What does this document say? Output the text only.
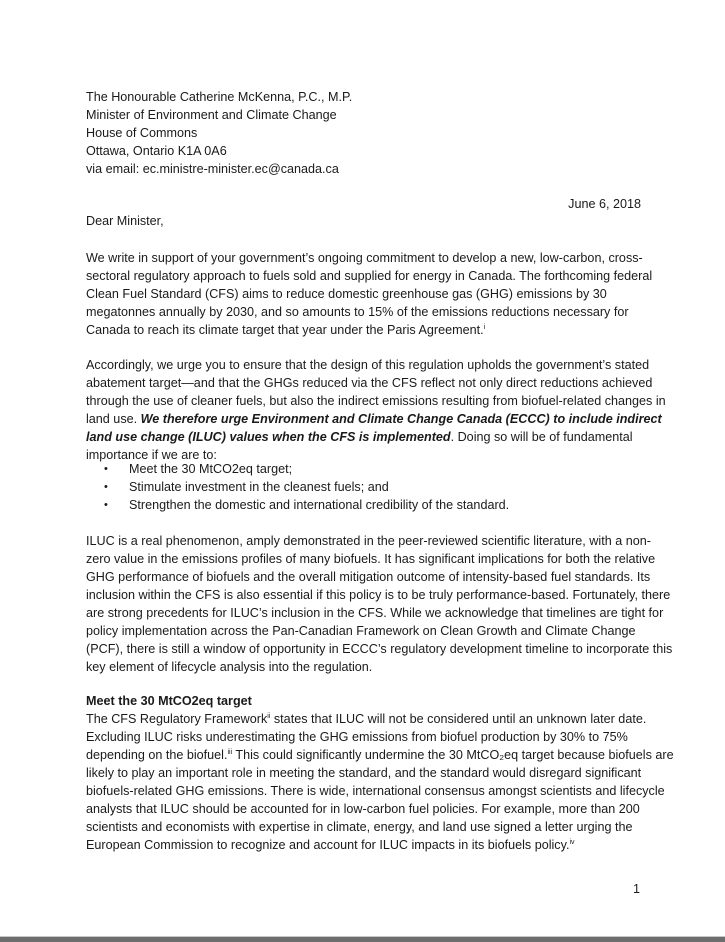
The Honourable Catherine McKenna, P.C., M.P.
Minister of Environment and Climate Change
House of Commons
Ottawa, Ontario K1A 0A6
via email: ec.ministre-minister.ec@canada.ca
June 6, 2018
Dear Minister,
We write in support of your government’s ongoing commitment to develop a new, low-carbon, cross-
sectoral regulatory approach to fuels sold and supplied for energy in Canada. The forthcoming federal
Clean Fuel Standard (CFS) aims to reduce domestic greenhouse gas (GHG) emissions by 30
megatonnes annually by 2030, and so amounts to 15% of the emissions reductions necessary for
Canada to reach its climate target that year under the Paris Agreement.$^i$
Accordingly, we urge you to ensure that the design of this regulation upholds the government’s stated
abatement target—and that the GHGs reduced via the CFS reflect not only direct reductions achieved
through the use of cleaner fuels, but also the indirect emissions resulting from biofuel-related changes in
land use. We therefore urge Environment and Climate Change Canada (ECCC) to include indirect
land use change (ILUC) values when the CFS is implemented. Doing so will be of fundamental
importance if we are to:
•	Meet the 30 MtCO2eq target;
•	Stimulate investment in the cleanest fuels; and
•	Strengthen the domestic and international credibility of the standard.
ILUC is a real phenomenon, amply demonstrated in the peer-reviewed scientific literature, with a non-
zero value in the emissions profiles of many biofuels. It has significant implications for both the relative
GHG performance of biofuels and the overall mitigation outcome of intensity-based fuel standards. Its
inclusion within the CFS is also essential if this policy is to be truly performance-based. Fortunately, there
are strong precedents for ILUC’s inclusion in the CFS. While we acknowledge that timelines are tight for
policy implementation across the Pan-Canadian Framework on Clean Growth and Climate Change
(PCF), there is still a window of opportunity in ECCC’s regulatory development timeline to incorporate this
key element of lifecycle analysis into the regulation.
Meet the 30 MtCO2eq target
The CFS Regulatory Framework$^{ii}$ states that ILUC will not be considered until an unknown later date.
Excluding ILUC risks underestimating the GHG emissions from biofuel production by 30% to 75%
depending on the biofuel.$^{iii}$ This could significantly undermine the 30 MtCO₂eq target because biofuels are
likely to play an important role in meeting the standard, and the standard would disregard significant
biofuels-related GHG emissions. There is wide, international consensus amongst scientists and lifecycle
analysts that ILUC should be accounted for in low-carbon fuel policies. For example, more than 200
scientists and economists with expertise in climate, energy, and land use signed a letter urging the
European Commission to recognize and account for ILUC impacts in its biofuels policy.$^{iv}$
1
